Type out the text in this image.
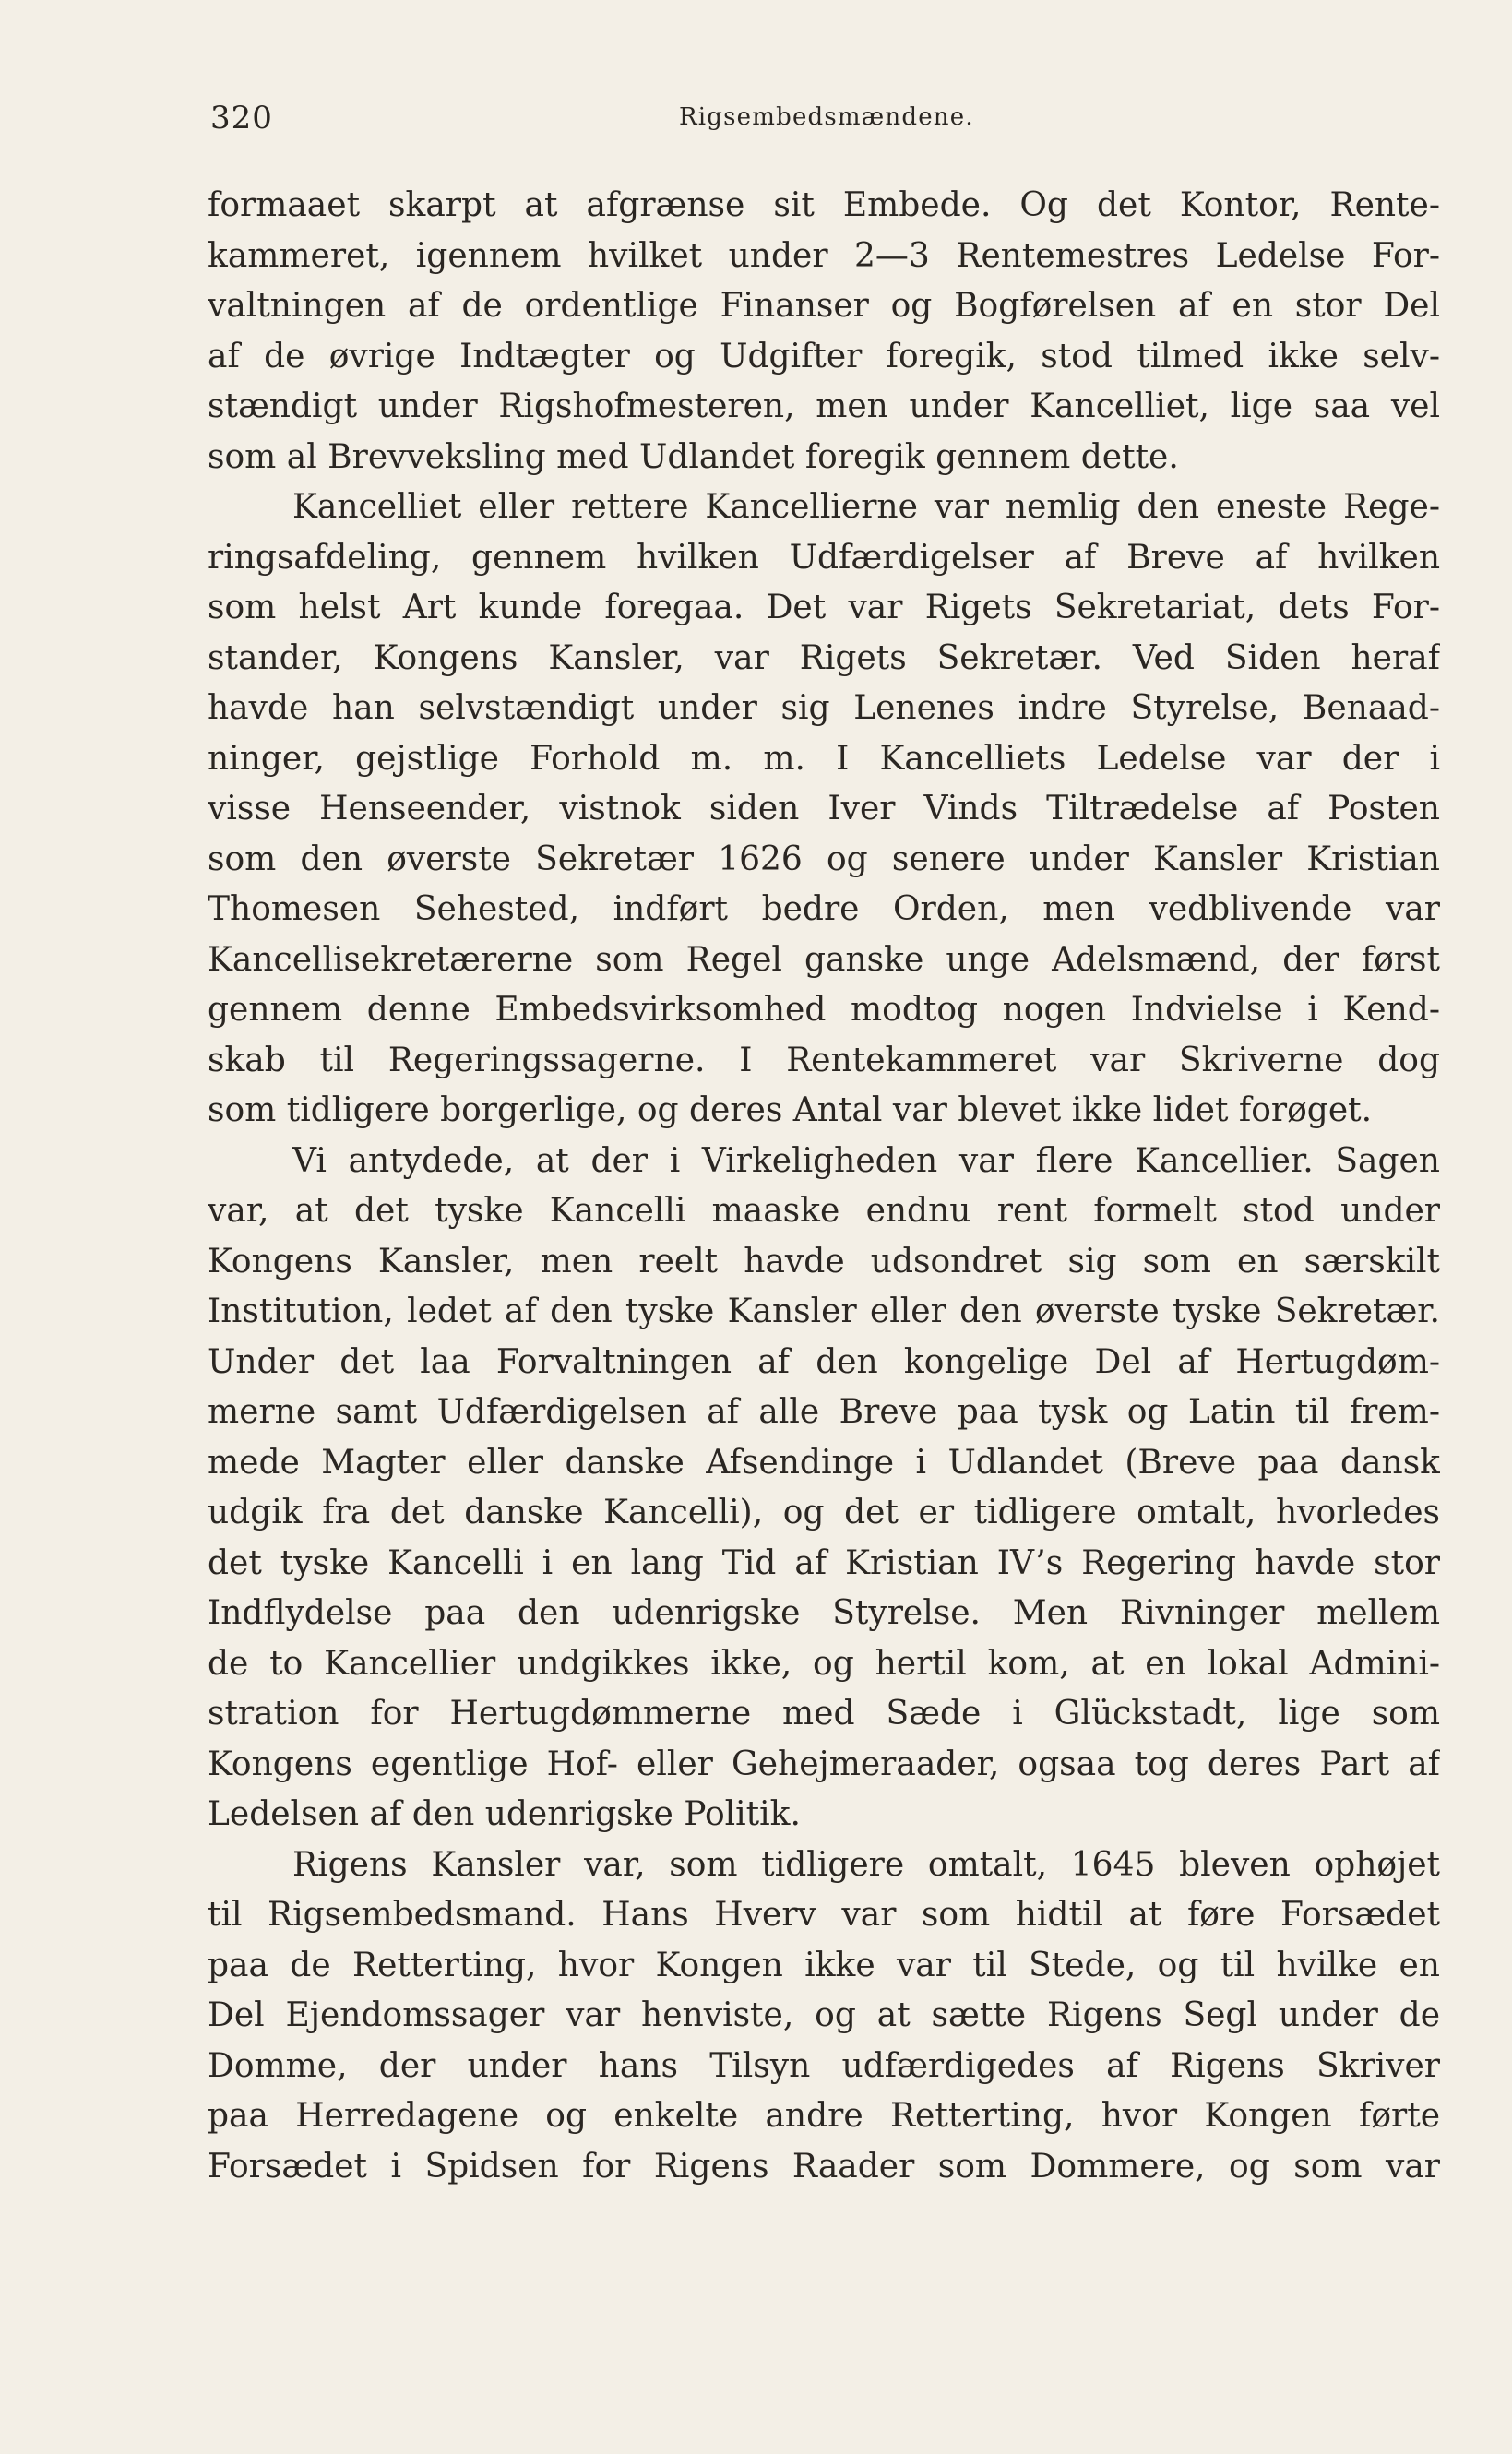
320	Rigsembedsmændene.
formaaet skarpt at afgrænse sit Embede. Og det Kontor, Rente-
kammeret, igennem hvilket under 2—3 Rentemestres Ledelse For-
valtningen af de ordentlige Finanser og Bogførelsen af en stor Del
af de øvrige Indtægter og Udgifter foregik, stod tilmed ikke selv-
stændigt under Rigshofmesteren, men under Kancelliet, lige saa vel
som al Brevveksling med Udlandet foregik gennem dette.
Kancelliet eller rettere Kancellierne var nemlig den eneste Rege-
ringsafdeling, gennem hvilken Udfærdigelser af Breve af hvilken
som helst Art kunde foregaa. Det var Rigets Sekretariat, dets For-
stander, Kongens Kansler, var Rigets Sekretær. Ved Siden heraf
havde han selvstændigt under sig Lenenes indre Styrelse, Benaad-
ninger, gejstlige Forhold m. m. I Kancelliets Ledelse var der i
visse Henseender, vistnok siden Iver Vinds Tiltrædelse af Posten
som den øverste Sekretær 1626 og senere under Kansler Kristian
Thomesen Sehested, indført bedre Orden, men vedblivende var
Kancellisekretærerne som Regel ganske unge Adelsmænd, der først
gennem denne Embedsvirksomhed modtog nogen Indvielse i Kend-
skab til Regeringssagerne. I Rentekammeret var Skriverne dog
som tidligere borgerlige, og deres Antal var blevet ikke lidet forøget.
Vi antydede, at der i Virkeligheden var flere Kancellier. Sagen
var, at det tyske Kancelli maaske endnu rent formelt stod under
Kongens Kansler, men reelt havde udsondret sig som en særskilt
Institution, ledet af den tyske Kansler eller den øverste tyske Sekretær.
Under det laa Forvaltningen af den kongelige Del af Hertugdøm-
merne samt Udfærdigelsen af alle Breve paa tysk og Latin til frem-
mede Magter eller danske Afsendinge i Udlandet (Breve paa dansk
udgik fra det danske Kancelli), og det er tidligere omtalt, hvorledes
det tyske Kancelli i en lang Tid af Kristian IV’s Regering havde stor
Indflydelse paa den udenrigske Styrelse. Men Rivninger mellem
de to Kancellier undgikkes ikke, og hertil kom, at en lokal Admini-
stration for Hertugdømmerne med Sæde i Glückstadt, lige som
Kongens egentlige Hof- eller Gehejmeraader, ogsaa tog deres Part af
Ledelsen af den udenrigske Politik.
Rigens Kansler var, som tidligere omtalt, 1645 bleven ophøjet
til Rigsembedsmand. Hans Hverv var som hidtil at føre Forsædet
paa de Retterting, hvor Kongen ikke var til Stede, og til hvilke en
Del Ejendomssager var henviste, og at sætte Rigens Segl under de
Domme, der under hans Tilsyn udfærdigedes af Rigens Skriver
paa Herredagene og enkelte andre Retterting, hvor Kongen førte
Forsædet i Spidsen for Rigens Raader som Dommere, og som var
